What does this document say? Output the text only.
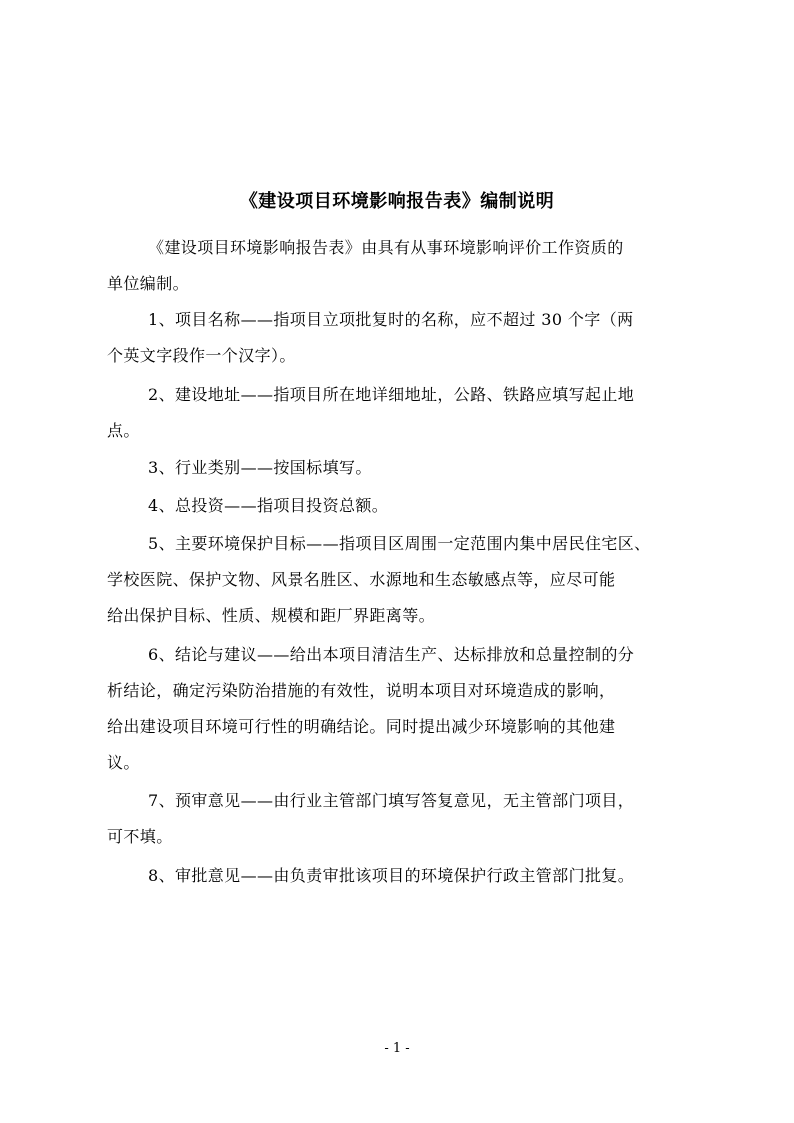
《建设项目环境影响报告表》编制说明
《建设项目环境影响报告表》由具有从事环境影响评价工作资质的
单位编制。
1、项目名称——指项目立项批复时的名称，应不超过 30 个字（两
个英文字段作一个汉字）。
2、建设地址——指项目所在地详细地址，公路、铁路应填写起止地
点。
3、行业类别——按国标填写。
4、总投资——指项目投资总额。
5、主要环境保护目标——指项目区周围一定范围内集中居民住宅区、
学校医院、保护文物、风景名胜区、水源地和生态敏感点等，应尽可能
给出保护目标、性质、规模和距厂界距离等。
6、结论与建议——给出本项目清洁生产、达标排放和总量控制的分
析结论，确定污染防治措施的有效性，说明本项目对环境造成的影响，
给出建设项目环境可行性的明确结论。同时提出减少环境影响的其他建
议。
7、预审意见——由行业主管部门填写答复意见，无主管部门项目，
可不填。
8、审批意见——由负责审批该项目的环境保护行政主管部门批复。
- 1 -
